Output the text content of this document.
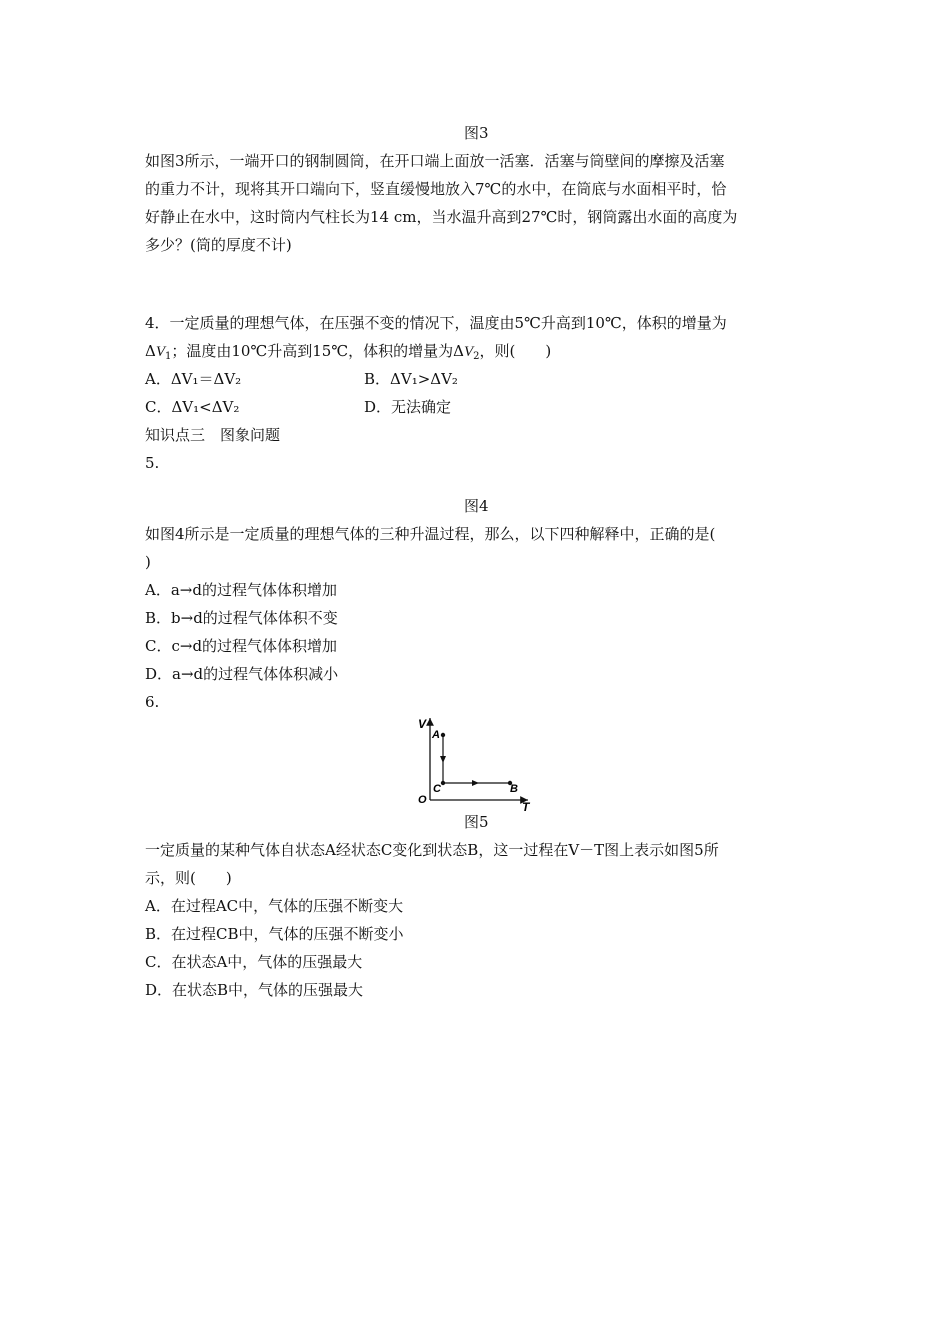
图3
如图3所示，一端开口的钢制圆筒，在开口端上面放一活塞．活塞与筒壁间的摩擦及活塞
的重力不计，现将其开口端向下，竖直缓慢地放入7℃的水中，在筒底与水面相平时，恰
好静止在水中，这时筒内气柱长为14 cm，当水温升高到27℃时，钢筒露出水面的高度为
多少？(筒的厚度不计)
4．一定质量的理想气体，在压强不变的情况下，温度由5℃升高到10℃，体积的增量为
$\Delta V_1$；温度由10℃升高到15℃，体积的增量为$\Delta V_2$，则(　　)
A．ΔV₁＝ΔV₂	B．ΔV₁>ΔV₂
C．ΔV₁<ΔV₂	D．无法确定
知识点三　图象问题
5.
图4
如图4所示是一定质量的理想气体的三种升温过程，那么，以下四种解释中，正确的是(
)
A．a→d的过程气体体积增加
B．b→d的过程气体体积不变
C．c→d的过程气体体积增加
D．a→d的过程气体体积减小
6.
V
T
O
A
C	B
图5
一定质量的某种气体自状态A经状态C变化到状态B，这一过程在V－T图上表示如图5所
示，则(　　)
A．在过程AC中，气体的压强不断变大
B．在过程CB中，气体的压强不断变小
C．在状态A中，气体的压强最大
D．在状态B中，气体的压强最大
